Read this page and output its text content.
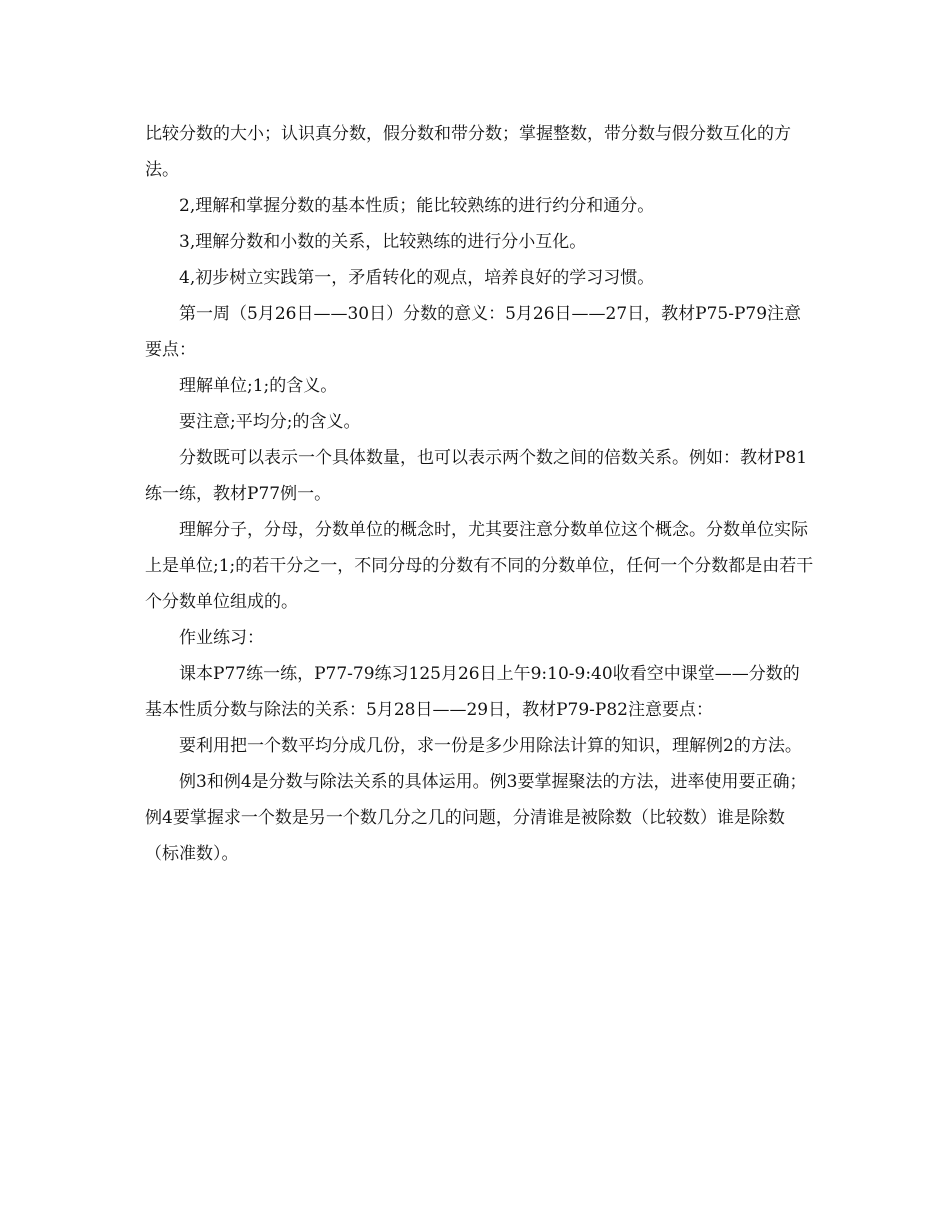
比较分数的大小；认识真分数，假分数和带分数；掌握整数，带分数与假分数互化的方法。

2,理解和掌握分数的基本性质；能比较熟练的进行约分和通分。

3,理解分数和小数的关系，比较熟练的进行分小互化。

4,初步树立实践第一，矛盾转化的观点，培养良好的学习习惯。

第一周（5月26日——30日）分数的意义：5月26日——27日，教材P75-P79注意要点：

理解单位;1;的含义。

要注意;平均分;的含义。

分数既可以表示一个具体数量，也可以表示两个数之间的倍数关系。例如：教材P81练一练，教材P77例一。

理解分子，分母，分数单位的概念时，尤其要注意分数单位这个概念。分数单位实际上是单位;1;的若干分之一，不同分母的分数有不同的分数单位，任何一个分数都是由若干个分数单位组成的。

作业练习：

课本P77练一练，P77-79练习125月26日上午9:10-9:40收看空中课堂——分数的基本性质分数与除法的关系：5月28日——29日，教材P79-P82注意要点：

要利用把一个数平均分成几份，求一份是多少用除法计算的知识，理解例2的方法。

例3和例4是分数与除法关系的具体运用。例3要掌握聚法的方法，进率使用要正确；例4要掌握求一个数是另一个数几分之几的问题，分清谁是被除数（比较数）谁是除数（标准数）。
